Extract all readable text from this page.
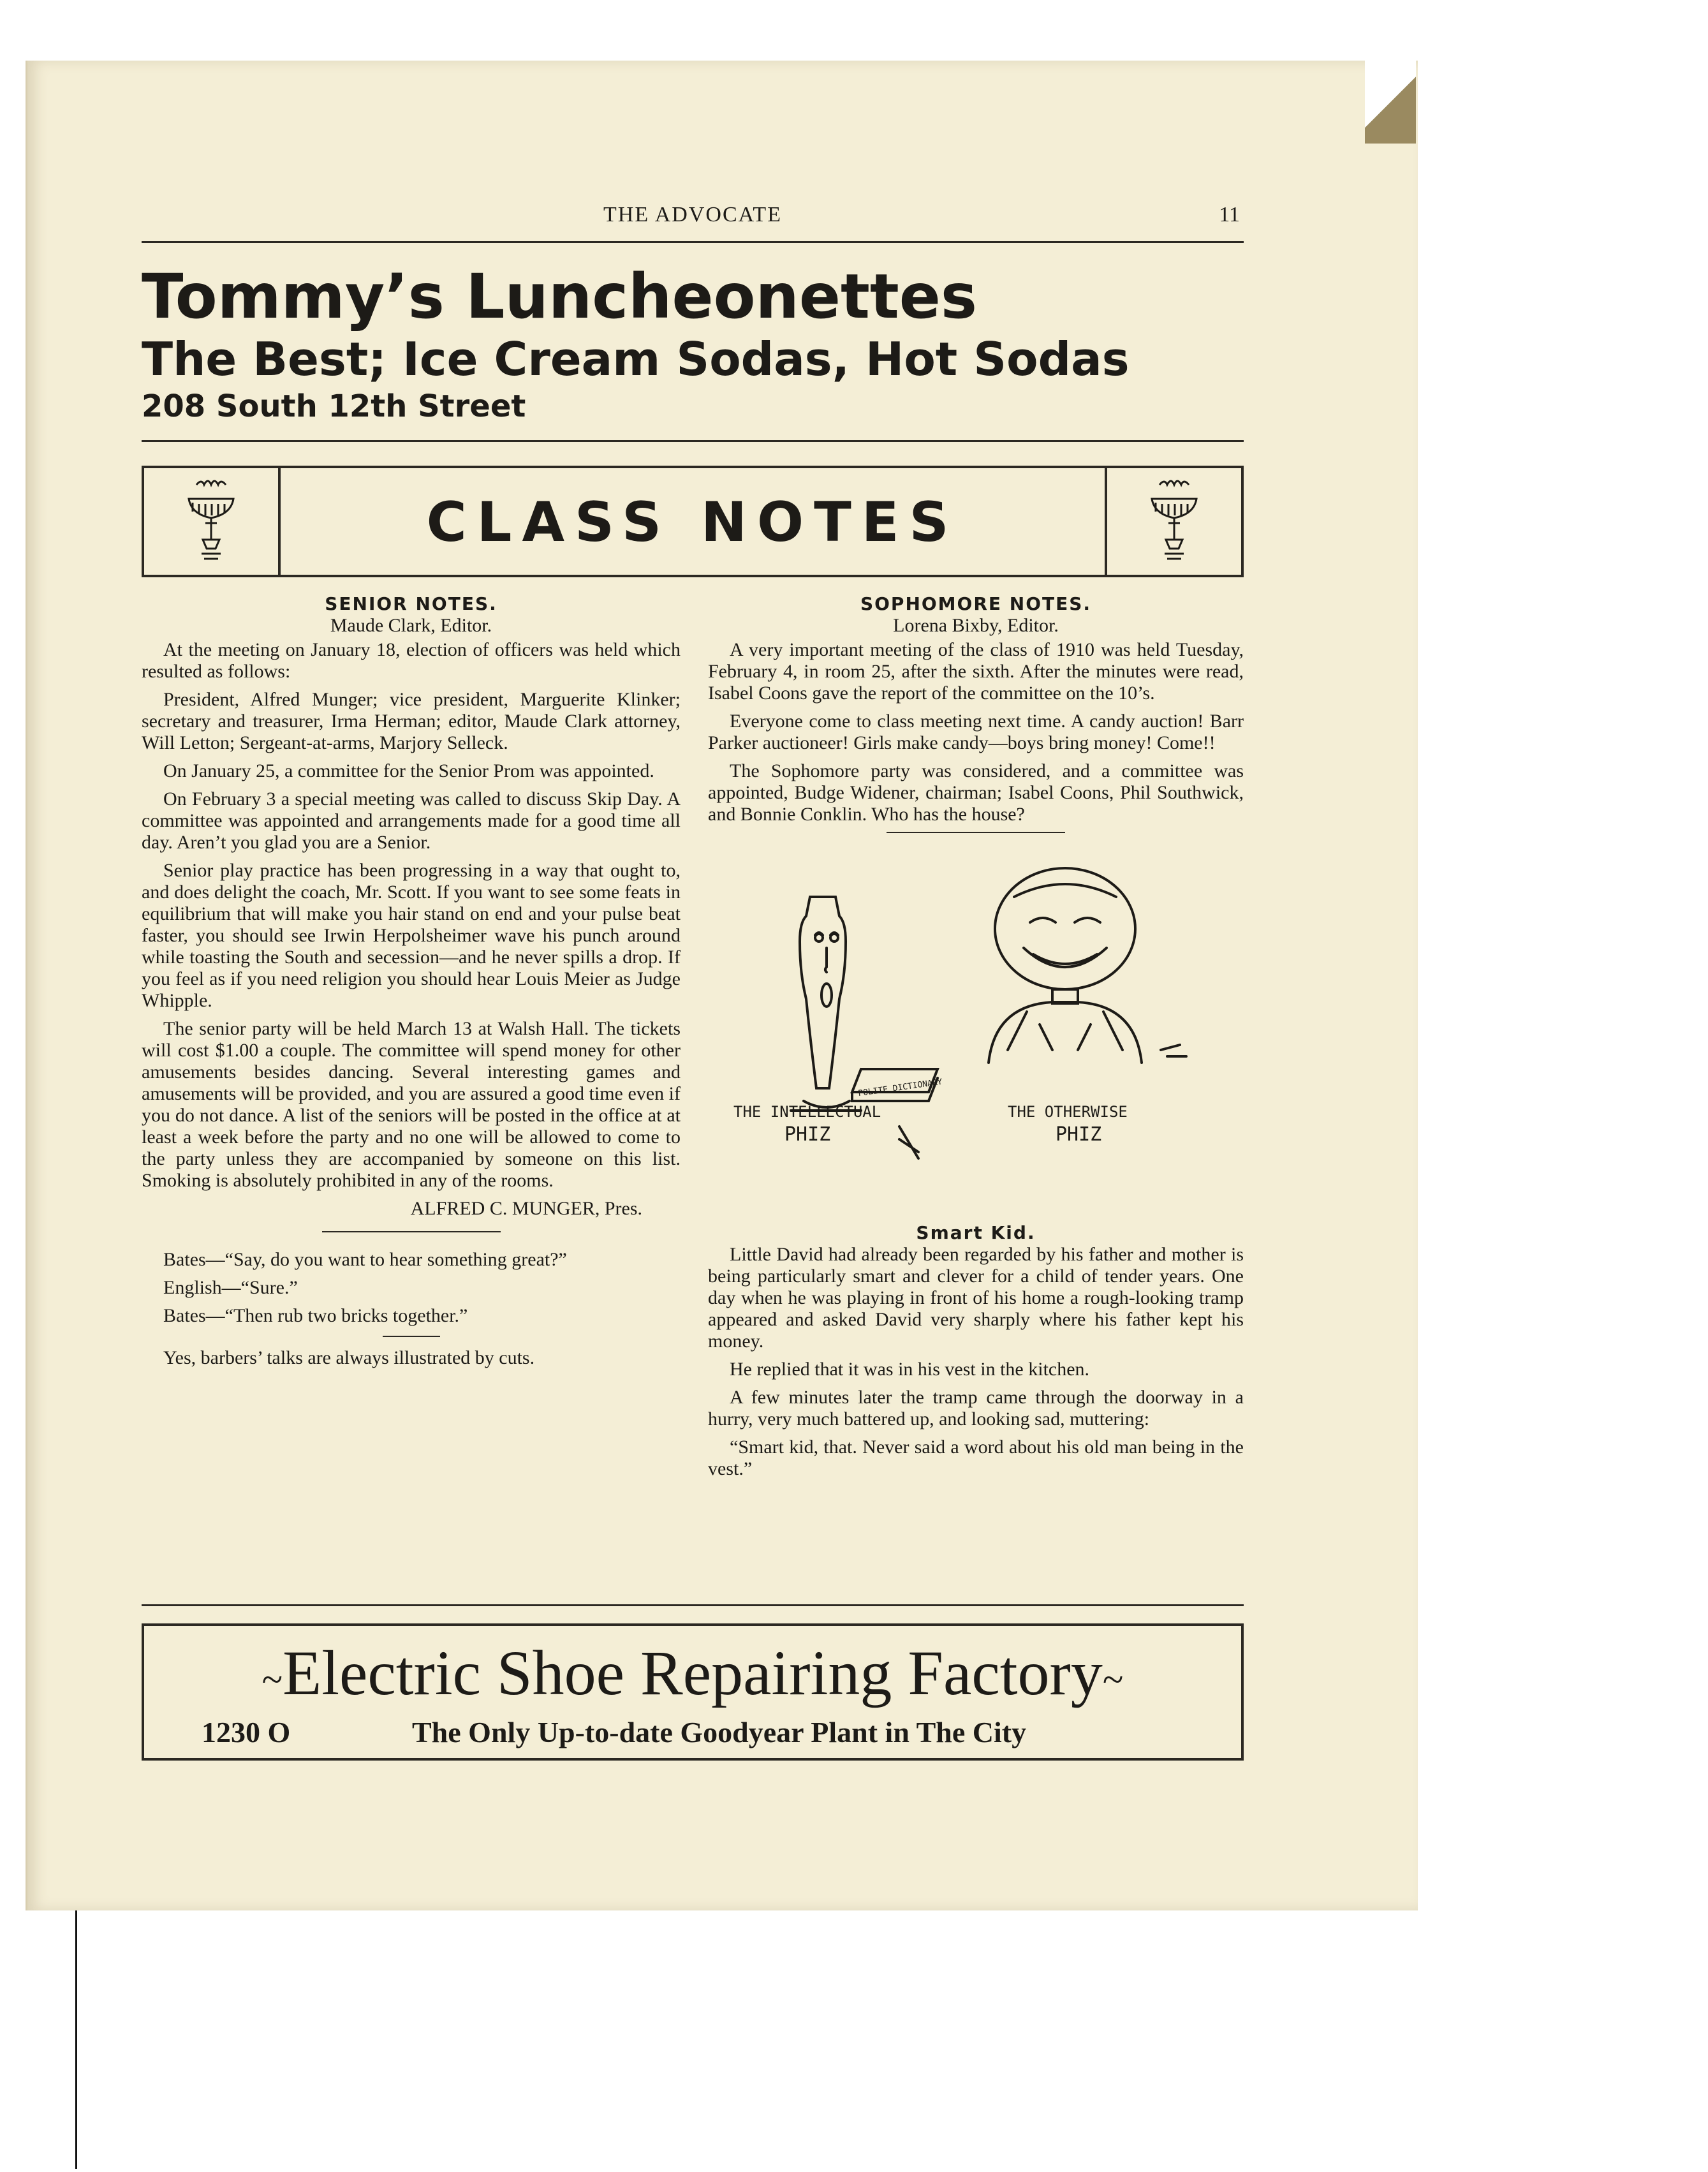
THE ADVOCATE	11
Tommy’s Luncheonettes
The Best; Ice Cream Sodas, Hot Sodas
208 South 12th Street
CLASS NOTES
SENIOR NOTES.
Maude Clark, Editor.

At the meeting on January 18, election of officers was held which resulted as follows:

President, Alfred Munger; vice president, Marguerite Klinker; secretary and treasurer, Irma Herman; editor, Maude Clark attorney, Will Letton; Sergeant-at-arms, Marjory Selleck.

On January 25, a committee for the Senior Prom was appointed.

On February 3 a special meeting was called to discuss Skip Day. A committee was appointed and arrangements made for a good time all day. Aren’t you glad you are a Senior.

Senior play practice has been progressing in a way that ought to, and does delight the coach, Mr. Scott. If you want to see some feats in equilibrium that will make you hair stand on end and your pulse beat faster, you should see Irwin Herpolsheimer wave his punch around while toasting the South and secession—and he never spills a drop. If you feel as if you need religion you should hear Louis Meier as Judge Whipple.

The senior party will be held March 13 at Walsh Hall. The tickets will cost $1.00 a couple. The committee will spend money for other amusements besides dancing. Several interesting games and amusements will be provided, and you are assured a good time even if you do not dance. A list of the seniors will be posted in the office at at least a week before the party and no one will be allowed to come to the party unless they are accompanied by someone on this list. Smoking is absolutely prohibited in any of the rooms.

ALFRED C. MUNGER, Pres.

Bates—“Say, do you want to hear something great?”

English—“Sure.”

Bates—“Then rub two bricks together.”

Yes, barbers’ talks are always illustrated by cuts.

SOPHOMORE NOTES.
Lorena Bixby, Editor.

A very important meeting of the class of 1910 was held Tuesday, February 4, in room 25, after the sixth. After the minutes were read, Isabel Coons gave the report of the committee on the 10’s.

Everyone come to class meeting next time. A candy auction! Barr Parker auctioneer! Girls make candy—boys bring money! Come!!

The Sophomore party was considered, and a committee was appointed, Budge Widener, chairman; Isabel Coons, Phil Southwick, and Bonnie Conklin. Who has the house?

THE INTELLECTUAL
PHIZ
POLITE DICTIONARY
THE OTHERWISE
PHIZ
Smart Kid.

Little David had already been regarded by his father and mother is being particularly smart and clever for a child of tender years. One day when he was playing in front of his home a rough-looking tramp appeared and asked David very sharply where his father kept his money.

He replied that it was in his vest in the kitchen.

A few minutes later the tramp came through the doorway in a hurry, very much battered up, and looking sad, muttering:

“Smart kid, that. Never said a word about his old man being in the vest.”

~Electric Shoe Repairing Factory~
1230 O	The Only Up-to-date Goodyear Plant in The City
